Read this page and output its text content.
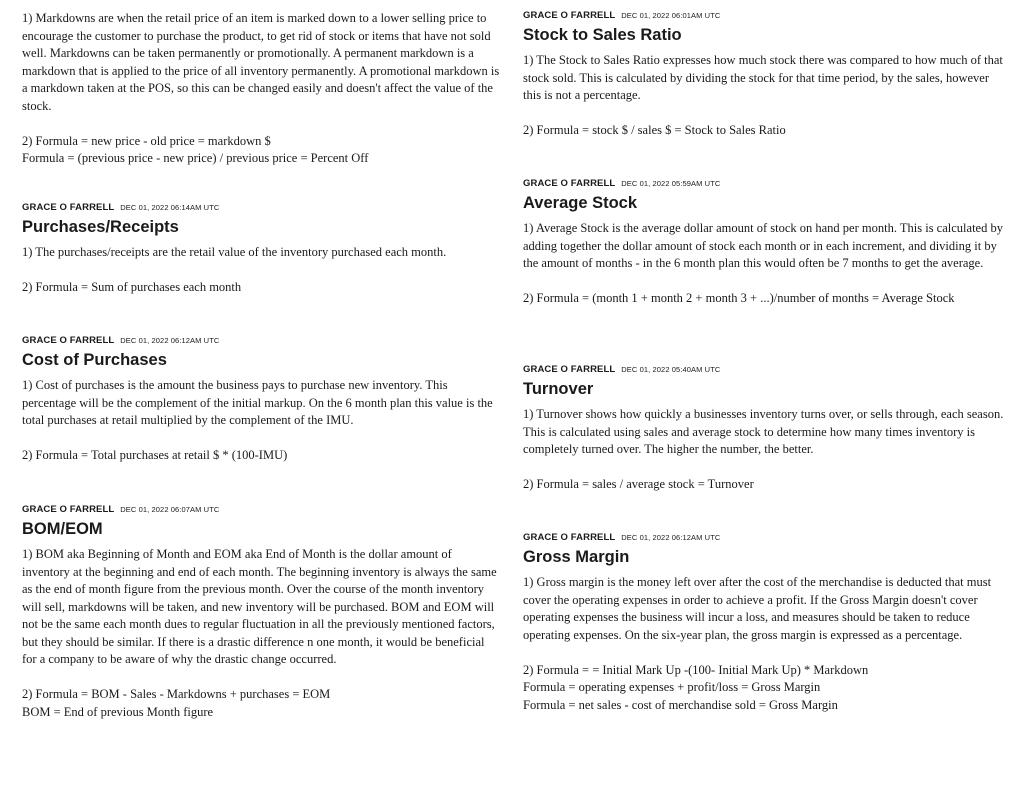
1) Markdowns are when the retail price of an item is marked down to a lower selling price to encourage the customer to purchase the product, to get rid of stock or items that have not sold well. Markdowns can be taken permanently or promotionally. A permanent markdown is a markdown that is applied to the price of all inventory permanently. A promotional markdown is a markdown taken at the POS, so this can be changed easily and doesn't affect the value of the stock.
2) Formula = new price - old price = markdown $
Formula = (previous price - new price) / previous price = Percent Off
GRACE O FARRELL DEC 01, 2022 06:14AM UTC
Purchases/Receipts
1) The purchases/receipts are the retail value of the inventory purchased each month.
2) Formula = Sum of purchases each month
GRACE O FARRELL DEC 01, 2022 06:12AM UTC
Cost of Purchases
1) Cost of purchases is the amount the business pays to purchase new inventory. This percentage will be the complement of the initial markup. On the 6 month plan this value is the total purchases at retail multiplied by the complement of the IMU.
2) Formula = Total purchases at retail $ * (100-IMU)
GRACE O FARRELL DEC 01, 2022 06:07AM UTC
BOM/EOM
1) BOM aka Beginning of Month and EOM aka End of Month is the dollar amount of inventory at the beginning and end of each month. The beginning inventory is always the same as the end of month figure from the previous month. Over the course of the month inventory will sell, markdowns will be taken, and new inventory will be purchased. BOM and EOM will not be the same each month dues to regular fluctuation in all the previously mentioned factors, but they should be similar. If there is a drastic difference n one month, it would be beneficial for a company to be aware of why the drastic change occurred.
2) Formula = BOM - Sales - Markdowns + purchases = EOM
BOM = End of previous Month figure
GRACE O FARRELL DEC 01, 2022 06:01AM UTC
Stock to Sales Ratio
1) The Stock to Sales Ratio expresses how much stock there was compared to how much of that stock sold. This is calculated by dividing the stock for that time period, by the sales, however this is not a percentage.
2) Formula = stock $ / sales $ = Stock to Sales Ratio
GRACE O FARRELL DEC 01, 2022 05:59AM UTC
Average Stock
1) Average Stock is the average dollar amount of stock on hand per month. This is calculated by adding together the dollar amount of stock each month or in each increment, and dividing it by the amount of months - in the 6 month plan this would often be 7 months to get the average.
2) Formula = (month 1 + month 2 + month 3 + ...)/number of months = Average Stock
GRACE O FARRELL DEC 01, 2022 05:40AM UTC
Turnover
1) Turnover shows how quickly a businesses inventory turns over, or sells through, each season. This is calculated using sales and average stock to determine how many times inventory is completely turned over. The higher the number, the better.
2) Formula = sales / average stock = Turnover
GRACE O FARRELL DEC 01, 2022 06:12AM UTC
Gross Margin
1) Gross margin is the money left over after the cost of the merchandise is deducted that must cover the operating expenses in order to achieve a profit. If the Gross Margin doesn't cover operating expenses the business will incur a loss, and measures should be taken to reduce operating expenses. On the six-year plan, the gross margin is expressed as a percentage.
2) Formula = = Initial Mark Up -(100- Initial Mark Up) * Markdown
Formula = operating expenses + profit/loss = Gross Margin
Formula = net sales - cost of merchandise sold = Gross Margin
